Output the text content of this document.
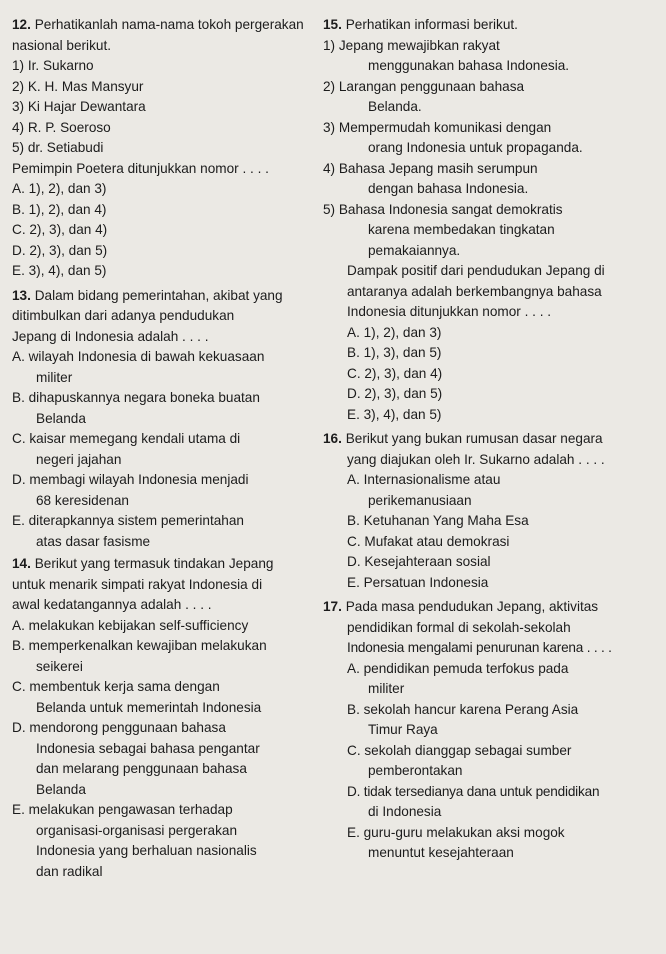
12. Perhatikanlah nama-nama tokoh pergerakan
nasional berikut.
1) Ir. Sukarno
2) K. H. Mas Mansyur
3) Ki Hajar Dewantara
4) R. P. Soeroso
5) dr. Setiabudi
Pemimpin Poetera ditunjukkan nomor . . . .
A. 1), 2), dan 3)
B. 1), 2), dan 4)
C. 2), 3), dan 4)
D. 2), 3), dan 5)
E. 3), 4), dan 5)
13. Dalam bidang pemerintahan, akibat yang
ditimbulkan dari adanya pendudukan
Jepang di Indonesia adalah . . . .
A. wilayah Indonesia di bawah kekuasaan
militer
B. dihapuskannya negara boneka buatan
Belanda
C. kaisar memegang kendali utama di
negeri jajahan
D. membagi wilayah Indonesia menjadi
68 keresidenan
E. diterapkannya sistem pemerintahan
atas dasar fasisme
14. Berikut yang termasuk tindakan Jepang
untuk menarik simpati rakyat Indonesia di
awal kedatangannya adalah . . . .
A. melakukan kebijakan self-sufficiency
B. memperkenalkan kewajiban melakukan
seikerei
C. membentuk kerja sama dengan
Belanda untuk memerintah Indonesia
D. mendorong penggunaan bahasa
Indonesia sebagai bahasa pengantar
dan melarang penggunaan bahasa
Belanda
E. melakukan pengawasan terhadap
organisasi-organisasi pergerakan
Indonesia yang berhaluan nasionalis
dan radikal
15. Perhatikan informasi berikut.
1) Jepang mewajibkan rakyat
menggunakan bahasa Indonesia.
2) Larangan penggunaan bahasa
Belanda.
3) Mempermudah komunikasi dengan
orang Indonesia untuk propaganda.
4) Bahasa Jepang masih serumpun
dengan bahasa Indonesia.
5) Bahasa Indonesia sangat demokratis
karena membedakan tingkatan
pemakaiannya.
Dampak positif dari pendudukan Jepang di
antaranya adalah berkembangnya bahasa
Indonesia ditunjukkan nomor . . . .
A. 1), 2), dan 3)
B. 1), 3), dan 5)
C. 2), 3), dan 4)
D. 2), 3), dan 5)
E. 3), 4), dan 5)
16. Berikut yang bukan rumusan dasar negara
yang diajukan oleh Ir. Sukarno adalah . . . .
A. Internasionalisme atau
perikemanusiaan
B. Ketuhanan Yang Maha Esa
C. Mufakat atau demokrasi
D. Kesejahteraan sosial
E. Persatuan Indonesia
17. Pada masa pendudukan Jepang, aktivitas
pendidikan formal di sekolah-sekolah
Indonesia mengalami penurunan karena . . . .
A. pendidikan pemuda terfokus pada
militer
B. sekolah hancur karena Perang Asia
Timur Raya
C. sekolah dianggap sebagai sumber
pemberontakan
D. tidak tersedianya dana untuk pendidikan
di Indonesia
E. guru-guru melakukan aksi mogok
menuntut kesejahteraan
